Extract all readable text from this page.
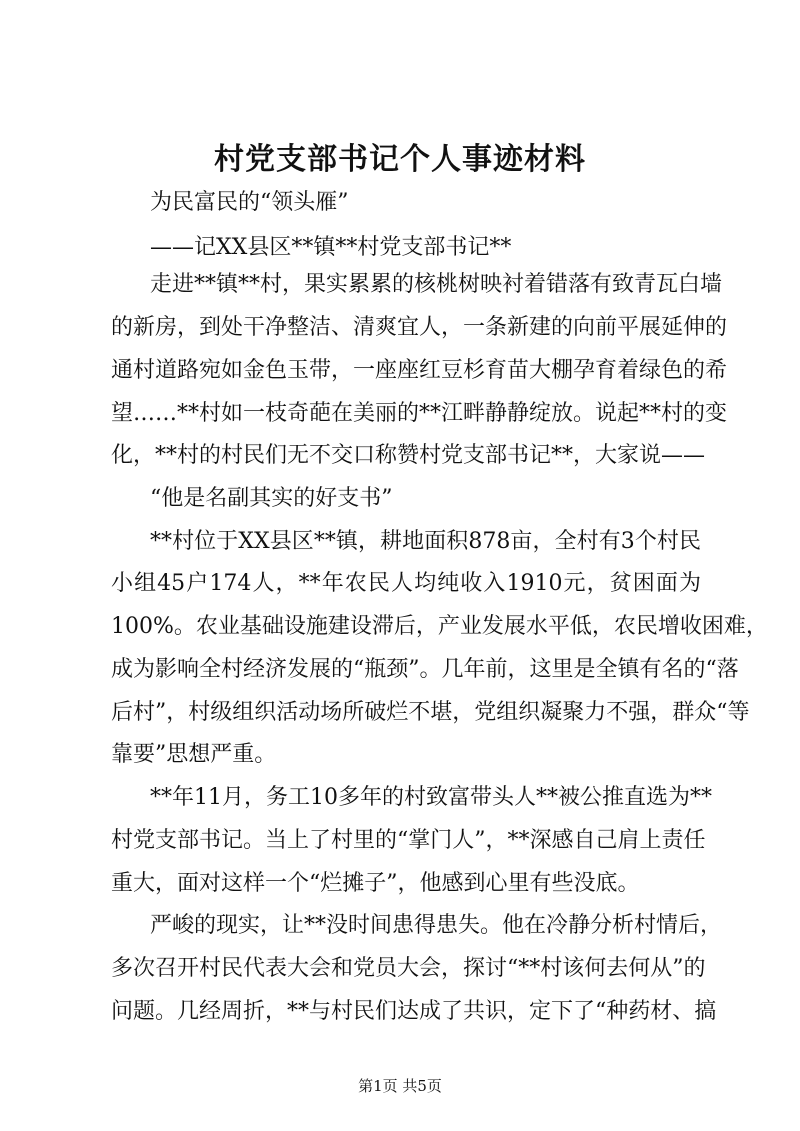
村党支部书记个人事迹材料
为民富民的“领头雁”
——记XX县区**镇**村党支部书记**
走进**镇**村，果实累累的核桃树映衬着错落有致青瓦白墙
的新房，到处干净整洁、清爽宜人，一条新建的向前平展延伸的
通村道路宛如金色玉带，一座座红豆杉育苗大棚孕育着绿色的希
望……**村如一枝奇葩在美丽的**江畔静静绽放。说起**村的变
化，**村的村民们无不交口称赞村党支部书记**，大家说——
“他是名副其实的好支书”
**村位于XX县区**镇，耕地面积878亩，全村有3个村民
小组45户174人，**年农民人均纯收入1910元，贫困面为
100%。农业基础设施建设滞后，产业发展水平低，农民增收困难，
成为影响全村经济发展的“瓶颈”。几年前，这里是全镇有名的“落
后村”，村级组织活动场所破烂不堪，党组织凝聚力不强，群众“等
靠要”思想严重。
**年11月，务工10多年的村致富带头人**被公推直选为**
村党支部书记。当上了村里的“掌门人”，**深感自己肩上责任
重大，面对这样一个“烂摊子”，他感到心里有些没底。
严峻的现实，让**没时间患得患失。他在冷静分析村情后，
多次召开村民代表大会和党员大会，探讨“**村该何去何从”的
问题。几经周折，**与村民们达成了共识，定下了“种药材、搞
第1页 共5页
